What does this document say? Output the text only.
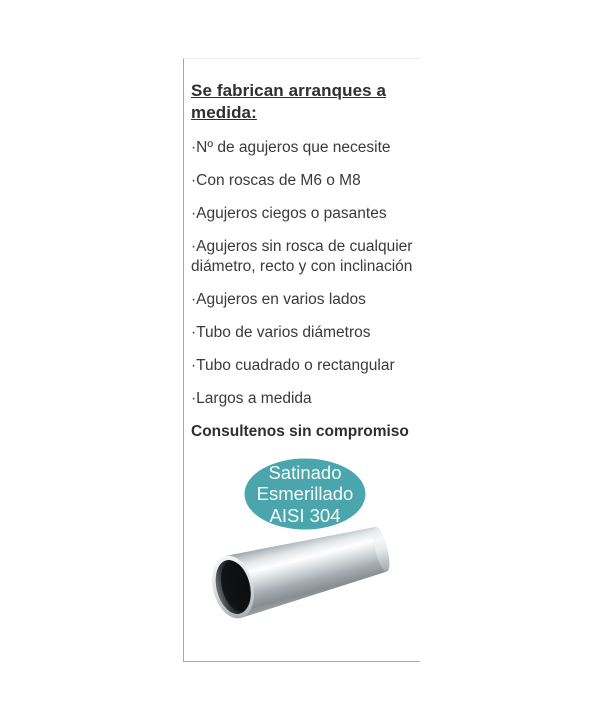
Se fabrican arranques a medida:

·Nº de agujeros que necesite

·Con roscas de M6 o M8

·Agujeros ciegos o pasantes

·Agujeros sin rosca de cualquier diámetro, recto y con inclinación

·Agujeros en varios lados

·Tubo de varios diámetros

·Tubo cuadrado o rectangular

·Largos a medida

Consultenos sin compromiso

Satinado
Esmerillado
AISI 304
